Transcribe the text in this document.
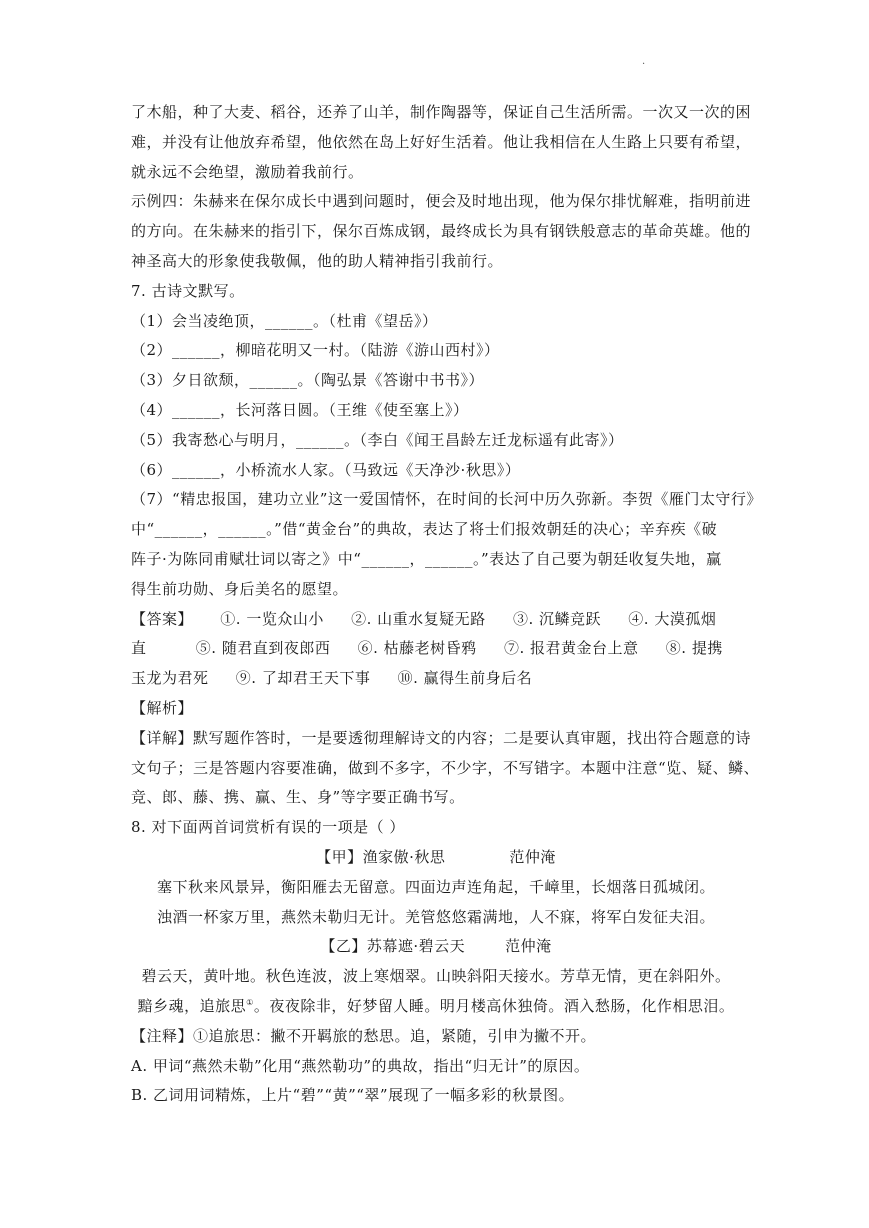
.
了木船，种了大麦、稻谷，还养了山羊，制作陶器等，保证自己生活所需。一次又一次的困
难，并没有让他放弃希望，他依然在岛上好好生活着。他让我相信在人生路上只要有希望，
就永远不会绝望，激励着我前行。
示例四：朱赫来在保尔成长中遇到问题时，便会及时地出现，他为保尔排忧解难，指明前进
的方向。在朱赫来的指引下，保尔百炼成钢，最终成长为具有钢铁般意志的革命英雄。他的
神圣高大的形象使我敬佩，他的助人精神指引我前行。
7. 古诗文默写。
（1）会当凌绝顶，______。（杜甫《望岳》）
（2）______，柳暗花明又一村。（陆游《游山西村》）
（3）夕日欲颓，______。（陶弘景《答谢中书书》）
（4）______，长河落日圆。（王维《使至塞上》）
（5）我寄愁心与明月，______。（李白《闻王昌龄左迁龙标遥有此寄》）
（6）______，小桥流水人家。（马致远《天净沙·秋思》）
（7）“精忠报国，建功立业”这一爱国情怀，在时间的长河中历久弥新。李贺《雁门太守行》
中“______，______。”借“黄金台”的典故，表达了将士们报效朝廷的决心；辛弃疾《破
阵子·为陈同甫赋壮词以寄之》中“______，______。”表达了自己要为朝廷收复失地，赢
得生前功勋、身后美名的愿望。
【答案】 ①. 一览众山小 ②. 山重水复疑无路 ③. 沉鳞竞跃 ④. 大漠孤烟
直	⑤. 随君直到夜郎西 ⑥. 枯藤老树昏鸦 ⑦. 报君黄金台上意 ⑧. 提携
玉龙为君死 ⑨. 了却君王天下事 ⑩. 赢得生前身后名
【解析】
【详解】默写题作答时，一是要透彻理解诗文的内容；二是要认真审题，找出符合题意的诗
文句子；三是答题内容要准确，做到不多字，不少字，不写错字。本题中注意“览、疑、鳞、
竞、郎、藤、携、赢、生、身”等字要正确书写。
8. 对下面两首词赏析有误的一项是（ ）
【甲】渔家傲·秋思	范仲淹
塞下秋来风景异，衡阳雁去无留意。四面边声连角起，千嶂里，长烟落日孤城闭。
浊酒一杯家万里，燕然未勒归无计。羌管悠悠霜满地，人不寐，将军白发征夫泪。
【乙】苏幕遮·碧云天	范仲淹
碧云天，黄叶地。秋色连波，波上寒烟翠。山映斜阳天接水。芳草无情，更在斜阳外。
黯乡魂，追旅思①。夜夜除非，好梦留人睡。明月楼高休独倚。酒入愁肠，化作相思泪。
【注释】①追旅思：撇不开羁旅的愁思。追，紧随，引申为撇不开。
A. 甲词“燕然未勒”化用“燕然勒功”的典故，指出“归无计”的原因。
B. 乙词用词精炼，上片“碧”“黄”“翠”展现了一幅多彩的秋景图。
